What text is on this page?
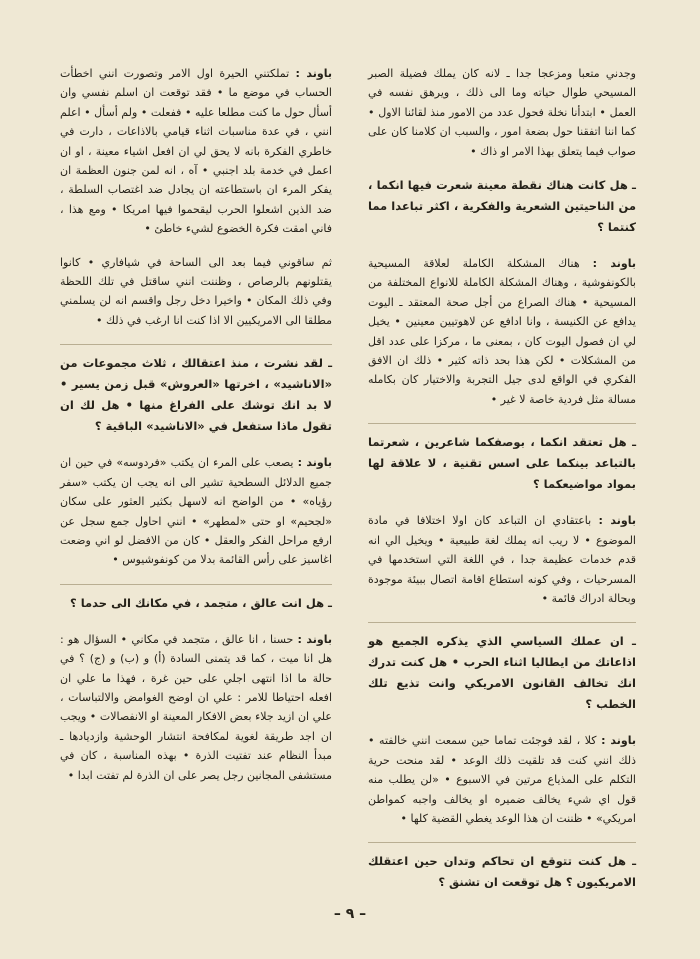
وجدني متعبا ومزعجا جدا ـ لانه كان يملك فضيلة الصبر المسيحي طوال حياته وما الى ذلك ، ويرهق نفسه في العمل • ابتدأنا نخلة فحول عدد من الامور منذ لقائنا الاول • كما اننا اتفقنا حول بضعة امور ، والسبب ان كلامنا كان على صواب فيما يتعلق بهذا الامر او ذاك •

ـ هل كانت هناك نقطة معينة شعرت فيها انكما ، من الناحيتين الشعرية والفكرية ، اكثر تباعدا مما كنتما ؟

باوند : هناك المشكلة الكاملة لعلاقة المسيحية بالكونفوشية ، وهناك المشكلة الكاملة للانواع المختلفة من المسيحية • هناك الصراع من أجل صحة المعتقد ـ اليوت يدافع عن الكنيسة ، وانا ادافع عن لاهوتيين معينين • يخيل لي ان فصول اليوت كان ، بمعنى ما ، مركزا على عدد اقل من المشكلات • لكن هذا بحد ذاته كثير • ذلك ان الافق الفكري في الواقع لدى جيل التجربة والاختيار كان بكامله مسالة مثل فردية خاصة لا غير •

ـ هل تعتقد انكما ، بوصفكما شاعرين ، شعرتما بالتباعد بينكما على اسس تقنية ، لا علاقة لها بمواد مواضيعكما ؟

باوند : باعتقادي ان التباعد كان اولا اختلافا في مادة الموضوع • لا ريب انه يملك لغة طبيعية • ويخيل الي انه قدم خدمات عظيمة جدا ، في اللغة التي استخدمها في المسرحيات ، وفي كونه استطاع اقامة اتصال ببيئة موجودة وبحالة ادراك قائمة •

ـ ان عملك السياسي الذي يذكره الجميع هو اذاعاتك من ايطاليا اثناء الحرب • هل كنت تدرك انك تخالف القانون الامريكي وانت تذيع تلك الخطب ؟

باوند : كلا ، لقد فوجئت تماما حين سمعت انني خالفته • ذلك انني كنت قد تلقيت ذلك الوعد • لقد منحت حرية التكلم على المذياع مرتين في الاسبوع • «لن يطلب منه قول اي شيء يخالف ضميره او يخالف واجبه كمواطن امريكي» • ظننت ان هذا الوعد يغطي القضية كلها •

ـ هل كنت تتوقع ان تحاكم وتدان حين اعتقلك الامريكيون ؟ هل توقعت ان تشنق ؟

باوند : تملكتني الحيرة اول الامر وتصورت انني اخطأت الحساب في موضع ما • فقد توقعت ان اسلم نفسي وان أسأل حول ما كنت مطلعا عليه • ففعلت • ولم أسأل • اعلم انني ، في عدة مناسبات اثناء قيامي بالاذاعات ، دارت في خاطري الفكرة بانه لا يحق لي ان افعل اشياء معينة ، او ان اعمل في خدمة بلد اجنبي • آه ، انه لمن جنون العظمة ان يفكر المرء ان باستطاعته ان يجادل ضد اغتصاب السلطة ، ضد الذين اشعلوا الحرب ليقحموا فيها امريكا • ومع هذا ، فاني امقت فكرة الخضوع لشيء خاطئ •

ثم ساقوني فيما بعد الى الساحة في شيافاري • كانوا يقتلونهم بالرصاص ، وظننت انني ساقتل في تلك اللحظة وفي ذلك المكان • واخيرا دخل رجل واقسم انه لن يسلمني مطلقا الى الامريكيين الا اذا كنت انا ارغب في ذلك •

ـ لقد نشرت ، منذ اعتقالك ، ثلاث مجموعات من «الاناشيد» ، اخرتها «العروش» قبل زمن يسير • لا بد انك توشك على الفراغ منها • هل لك ان تقول ماذا ستفعل في «الاناشيد» الباقية ؟

باوند : يصعب على المرء ان يكتب «فردوسه» في حين ان جميع الدلائل السطحية تشير الى انه يجب ان يكتب «سفر رؤياه» • من الواضح انه لاسهل بكثير العثور على سكان «لجحيم» او حتى «لمطهر» • انني احاول جمع سجل عن ارفع مراحل الفكر والعقل • كان من الافضل لو اني وضعت اغاسيز على رأس القائمة بدلا من كونفوشيوس •

ـ هل انت عالق ، متجمد ، في مكانك الى حدما ؟

باوند : حسنا ، انا عالق ، متجمد في مكاني • السؤال هو : هل انا ميت ، كما قد يتمنى السادة (أ) و (ب) و (ج) ؟ في حالة ما اذا انتهى اجلي على حين غرة ، فهذا ما علي ان افعله احتياطا للامر : علي ان اوضح الغوامض والالتباسات ، علي ان ازيد جلاء بعض الافكار المعينة او الانفصالات • ويجب ان اجد طريقة لغوية لمكافحة انتشار الوحشية وازديادها ـ مبدأ النظام عند تفتيت الذرة • بهذه المناسبة ، كان في مستشفى المجانين رجل يصر على ان الذرة لم تفتت ابدا •

– ٩ –
